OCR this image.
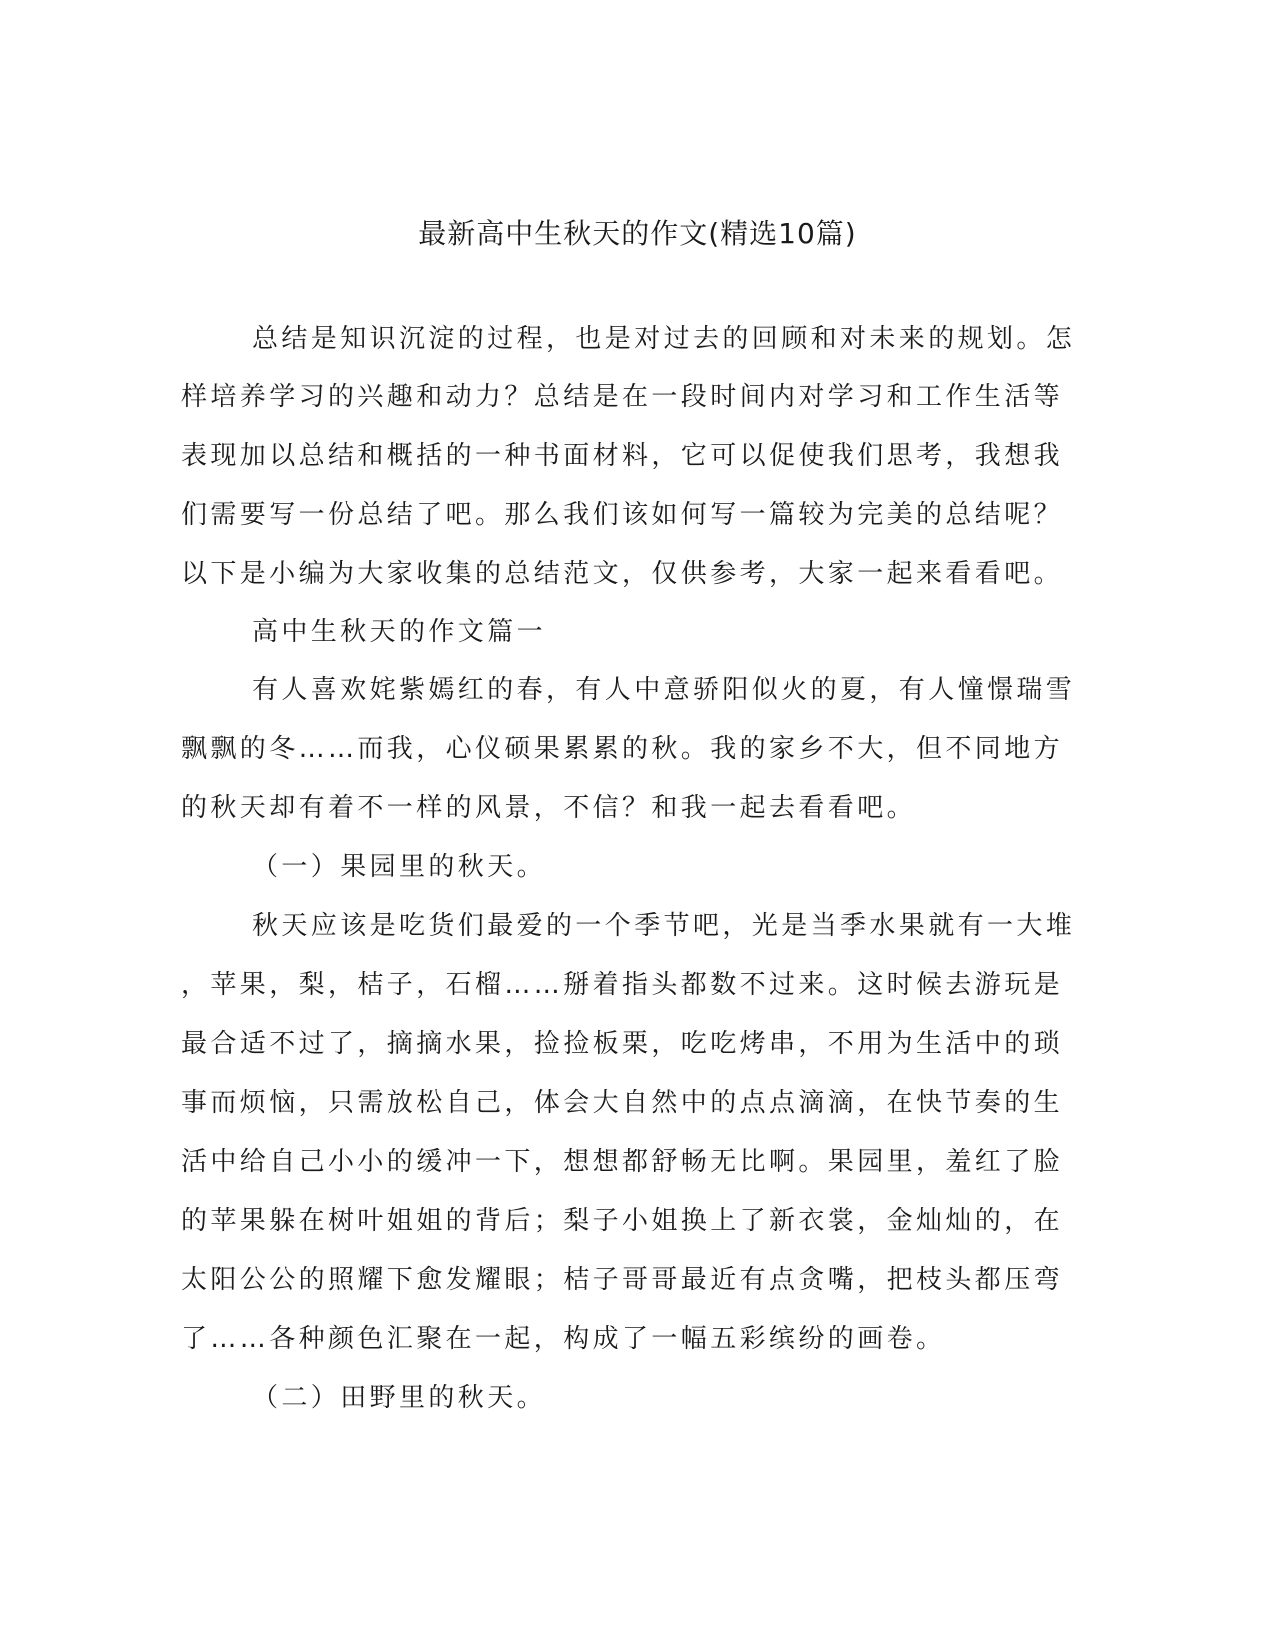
最新高中生秋天的作文(精选10篇)
总结是知识沉淀的过程，也是对过去的回顾和对未来的规划。怎
样培养学习的兴趣和动力？总结是在一段时间内对学习和工作生活等
表现加以总结和概括的一种书面材料，它可以促使我们思考，我想我
们需要写一份总结了吧。那么我们该如何写一篇较为完美的总结呢？
以下是小编为大家收集的总结范文，仅供参考，大家一起来看看吧。
高中生秋天的作文篇一
有人喜欢姹紫嫣红的春，有人中意骄阳似火的夏，有人憧憬瑞雪
飘飘的冬……而我，心仪硕果累累的秋。我的家乡不大，但不同地方
的秋天却有着不一样的风景，不信？和我一起去看看吧。
（一）果园里的秋天。
秋天应该是吃货们最爱的一个季节吧，光是当季水果就有一大堆
，苹果，梨，桔子，石榴……掰着指头都数不过来。这时候去游玩是
最合适不过了，摘摘水果，捡捡板栗，吃吃烤串，不用为生活中的琐
事而烦恼，只需放松自己，体会大自然中的点点滴滴，在快节奏的生
活中给自己小小的缓冲一下，想想都舒畅无比啊。果园里，羞红了脸
的苹果躲在树叶姐姐的背后；梨子小姐换上了新衣裳，金灿灿的，在
太阳公公的照耀下愈发耀眼；桔子哥哥最近有点贪嘴，把枝头都压弯
了……各种颜色汇聚在一起，构成了一幅五彩缤纷的画卷。
（二）田野里的秋天。
